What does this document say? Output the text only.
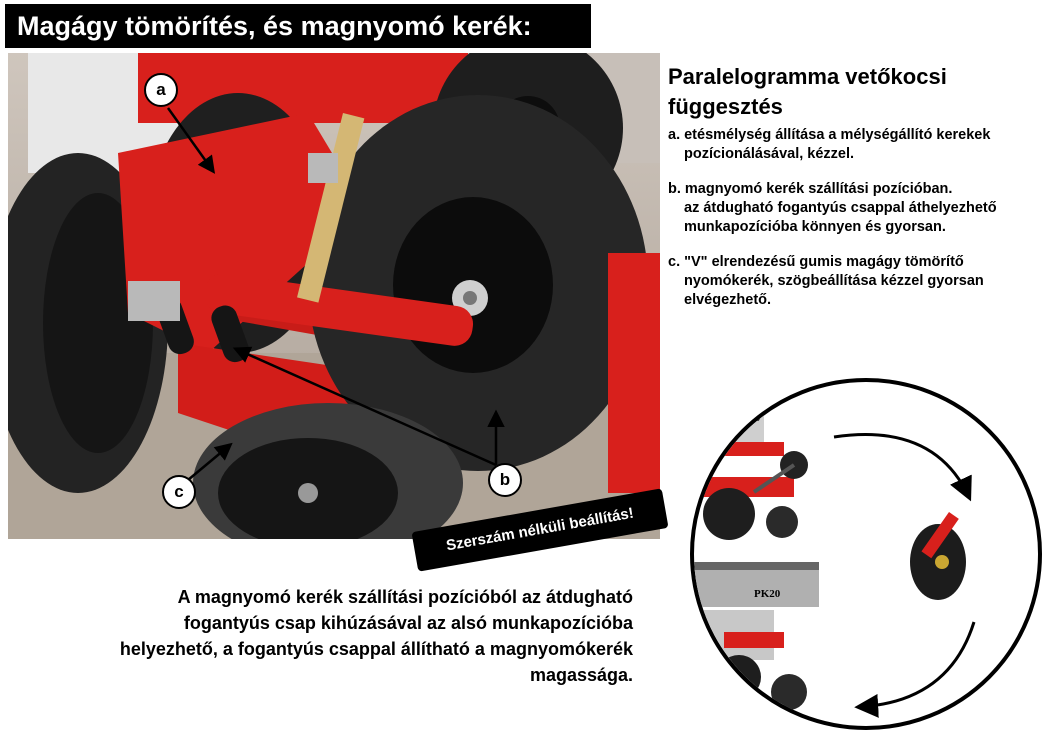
Magágy tömörítés, és magnyomó kerék:
a
b
c
Szerszám nélküli beállítás!
Paralelogramma vetőkocsi
függesztés
a. etésmélység állítása a mélységállító kerekek
pozícionálásával, kézzel.
b. magnyomó kerék szállítási pozícióban.
az átdugható fogantyús csappal áthelyezhető
munkapozícióba könnyen és gyorsan.
c. "V" elrendezésű gumis magágy tömörítő
nyomókerék, szögbeállítása kézzel gyorsan
elvégezhető.
A magnyomó kerék szállítási pozícióból az átdugható
fogantyús csap kihúzásával az alsó munkapozícióba
helyezhető, a fogantyús csappal állítható a magnyomókerék
magassága.
PK20
PK20
